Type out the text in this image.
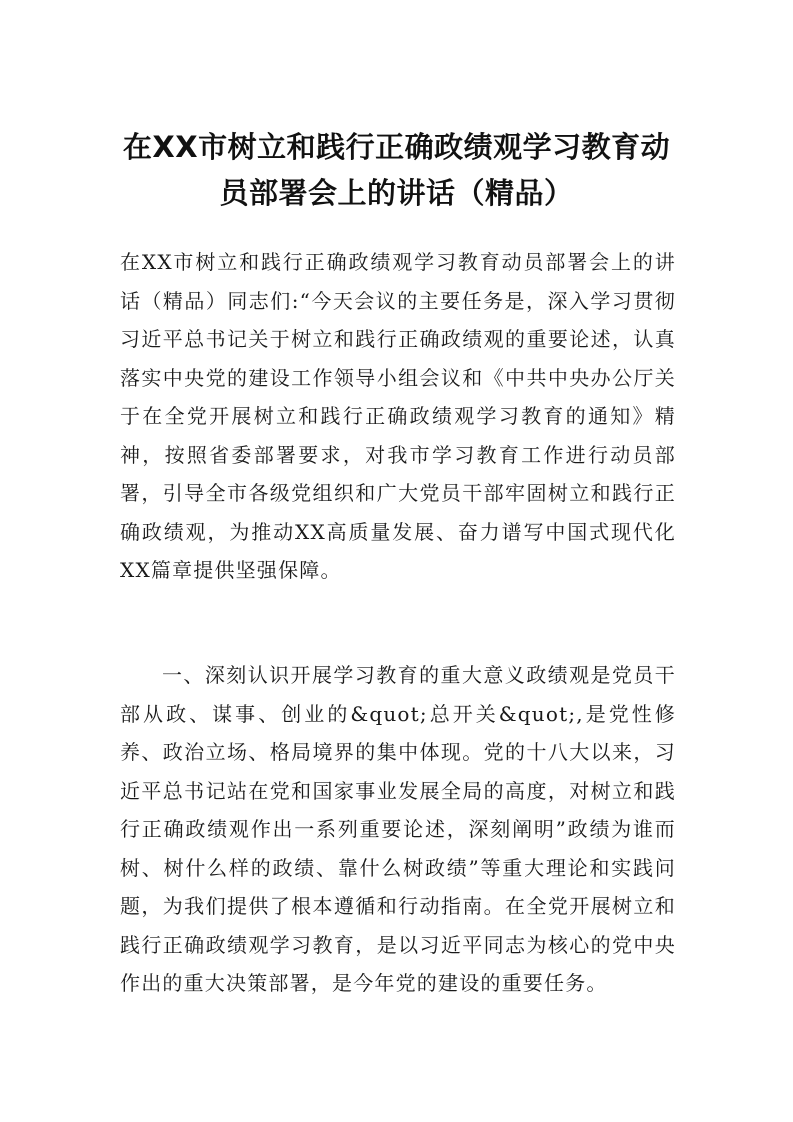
在XX市树立和践行正确政绩观学习教育动
员部署会上的讲话（精品）

在XX市树立和践行正确政绩观学习教育动员部署会上的讲话（精品）同志们:“今天会议的主要任务是，深入学习贯彻习近平总书记关于树立和践行正确政绩观的重要论述，认真落实中央党的建设工作领导小组会议和《中共中央办公厅关于在全党开展树立和践行正确政绩观学习教育的通知》精神，按照省委部署要求，对我市学习教育工作进行动员部署，引导全市各级党组织和广大党员干部牢固树立和践行正确政绩观，为推动XX高质量发展、奋力谱写中国式现代化XX篇章提供坚强保障。

一、深刻认识开展学习教育的重大意义政绩观是党员干部从政、谋事、创业的&quot;总开关&quot;,是党性修养、政治立场、格局境界的集中体现。党的十八大以来，习近平总书记站在党和国家事业发展全局的高度，对树立和践行正确政绩观作出一系列重要论述，深刻阐明”政绩为谁而树、树什么样的政绩、靠什么树政绩”等重大理论和实践问题，为我们提供了根本遵循和行动指南。在全党开展树立和践行正确政绩观学习教育，是以习近平同志为核心的党中央作出的重大决策部署，是今年党的建设的重要任务。
